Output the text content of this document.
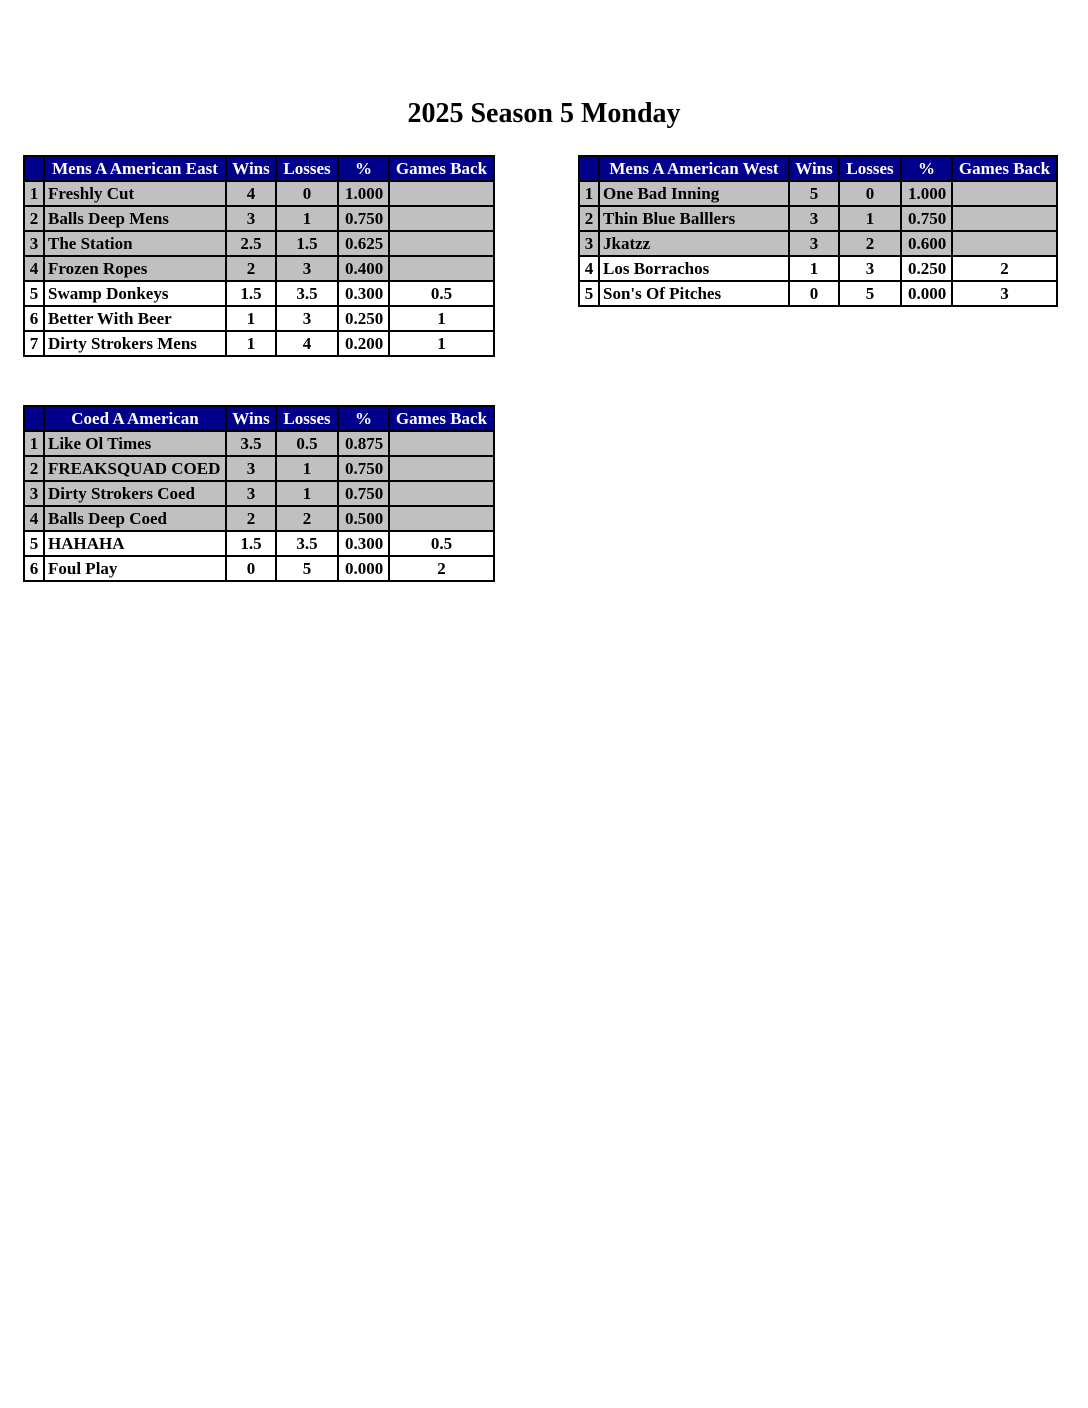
2025 Season 5 Monday
	Mens A American East	Wins	Losses	%	Games Back
1	Freshly Cut	4	0	1.000	
2	Balls Deep Mens	3	1	0.750	
3	The Station	2.5	1.5	0.625	
4	Frozen Ropes	2	3	0.400	
5	Swamp Donkeys	1.5	3.5	0.300	0.5
6	Better With Beer	1	3	0.250	1
7	Dirty Strokers Mens	1	4	0.200	1
	Mens A American West	Wins	Losses	%	Games Back
1	One Bad Inning	5	0	1.000	
2	Thin Blue Balllers	3	1	0.750	
3	Jkatzz	3	2	0.600	
4	Los Borrachos	1	3	0.250	2
5	Son's Of Pitches	0	5	0.000	3
	Coed A American	Wins	Losses	%	Games Back
1	Like Ol Times	3.5	0.5	0.875	
2	FREAKSQUAD COED	3	1	0.750	
3	Dirty Strokers Coed	3	1	0.750	
4	Balls Deep Coed	2	2	0.500	
5	HAHAHA	1.5	3.5	0.300	0.5
6	Foul Play	0	5	0.000	2
